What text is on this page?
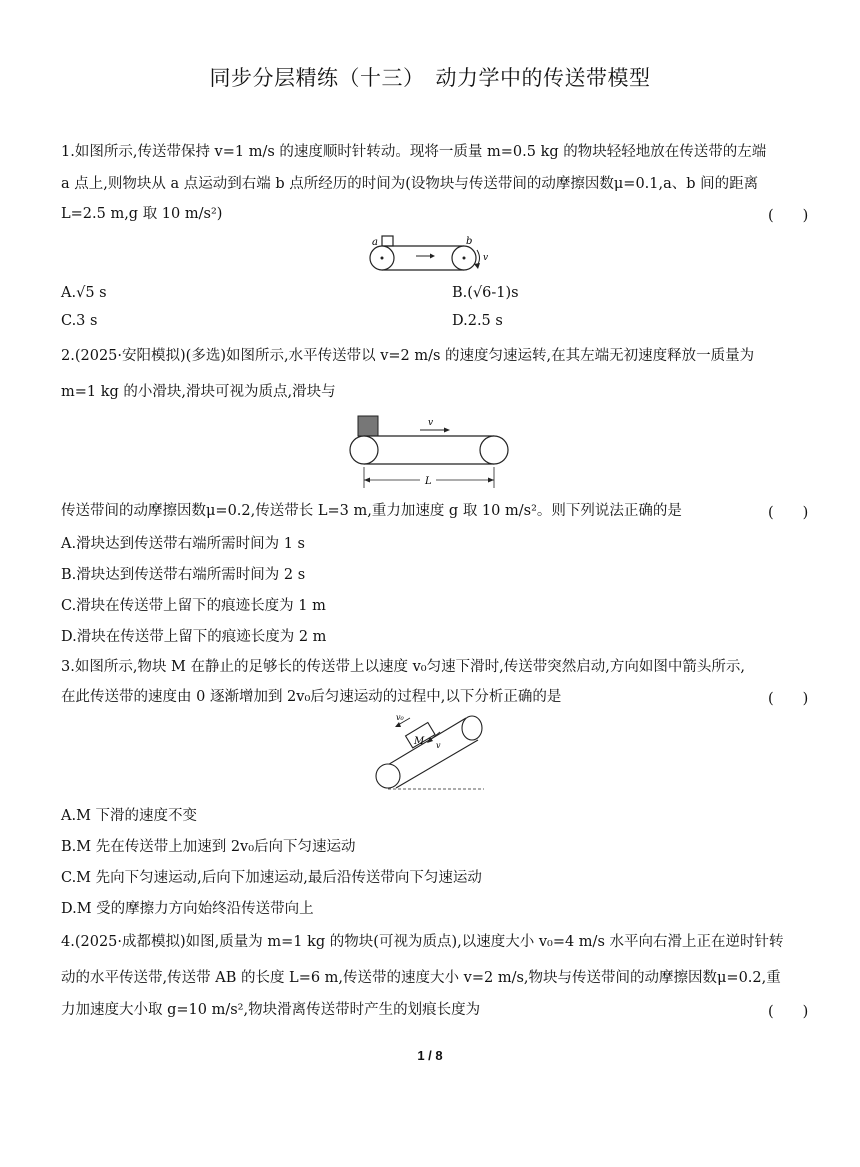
同步分层精练（十三）　动力学中的传送带模型
1.如图所示,传送带保持 v=1 m/s 的速度顺时针转动。现将一质量 m=0.5 kg 的物块轻轻地放在传送带的左端
a 点上,则物块从 a 点运动到右端 b 点所经历的时间为(设物块与传送带间的动摩擦因数μ=0.1,a、b 间的距离
L=2.5 m,g 取 10 m/s²)	(　　)
a	b
v
A.√5 s	B.(√6-1)s
C.3 s	D.2.5 s
2.(2025·安阳模拟)(多选)如图所示,水平传送带以 v=2 m/s 的速度匀速运转,在其左端无初速度释放一质量为
m=1 kg 的小滑块,滑块可视为质点,滑块与
v
L
传送带间的动摩擦因数μ=0.2,传送带长 L=3 m,重力加速度 g 取 10 m/s²。则下列说法正确的是	(　　)
A.滑块达到传送带右端所需时间为 1 s
B.滑块达到传送带右端所需时间为 2 s
C.滑块在传送带上留下的痕迹长度为 1 m
D.滑块在传送带上留下的痕迹长度为 2 m
3.如图所示,物块 M 在静止的足够长的传送带上以速度 v₀匀速下滑时,传送带突然启动,方向如图中箭头所示,
在此传送带的速度由 0 逐渐增加到 2v₀后匀速运动的过程中,以下分析正确的是	(　　)
M
v₀
v
A.M 下滑的速度不变
B.M 先在传送带上加速到 2v₀后向下匀速运动
C.M 先向下匀速运动,后向下加速运动,最后沿传送带向下匀速运动
D.M 受的摩擦力方向始终沿传送带向上
4.(2025·成都模拟)如图,质量为 m=1 kg 的物块(可视为质点),以速度大小 v₀=4 m/s 水平向右滑上正在逆时针转
动的水平传送带,传送带 AB 的长度 L=6 m,传送带的速度大小 v=2 m/s,物块与传送带间的动摩擦因数μ=0.2,重
力加速度大小取 g=10 m/s²,物块滑离传送带时产生的划痕长度为	(　　)
1 / 8
